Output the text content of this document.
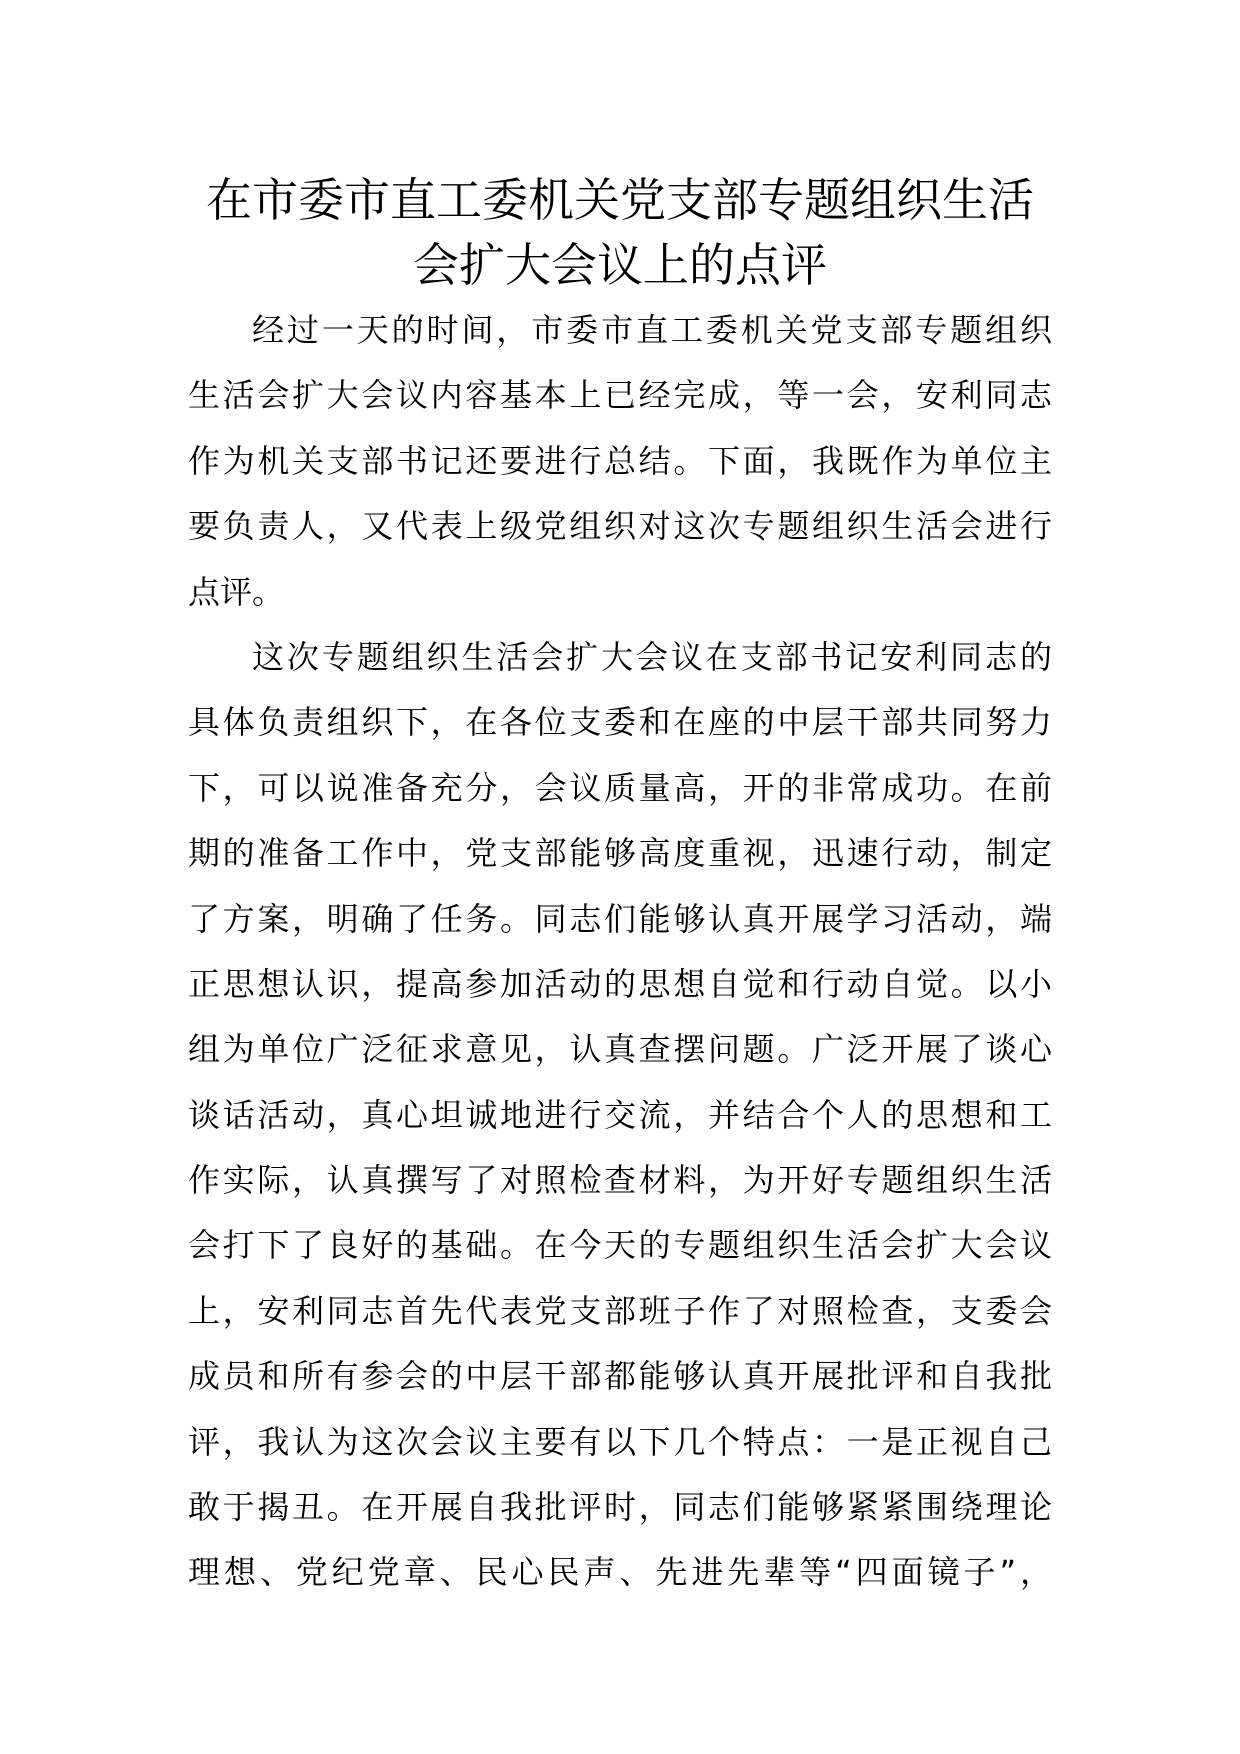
在市委市直工委机关党支部专题组织生活
会扩大会议上的点评

经过一天的时间，市委市直工委机关党支部专题组织
生活会扩大会议内容基本上已经完成，等一会，安利同志
作为机关支部书记还要进行总结。下面，我既作为单位主
要负责人，又代表上级党组织对这次专题组织生活会进行
点评。

这次专题组织生活会扩大会议在支部书记安利同志的
具体负责组织下，在各位支委和在座的中层干部共同努力
下，可以说准备充分，会议质量高，开的非常成功。在前
期的准备工作中，党支部能够高度重视，迅速行动，制定
了方案，明确了任务。同志们能够认真开展学习活动，端
正思想认识，提高参加活动的思想自觉和行动自觉。以小
组为单位广泛征求意见，认真查摆问题。广泛开展了谈心
谈话活动，真心坦诚地进行交流，并结合个人的思想和工
作实际，认真撰写了对照检查材料，为开好专题组织生活
会打下了良好的基础。在今天的专题组织生活会扩大会议
上，安利同志首先代表党支部班子作了对照检查，支委会
成员和所有参会的中层干部都能够认真开展批评和自我批
评，我认为这次会议主要有以下几个特点：一是正视自己
敢于揭丑。在开展自我批评时，同志们能够紧紧围绕理论
理想、党纪党章、民心民声、先进先辈等“四面镜子”，
